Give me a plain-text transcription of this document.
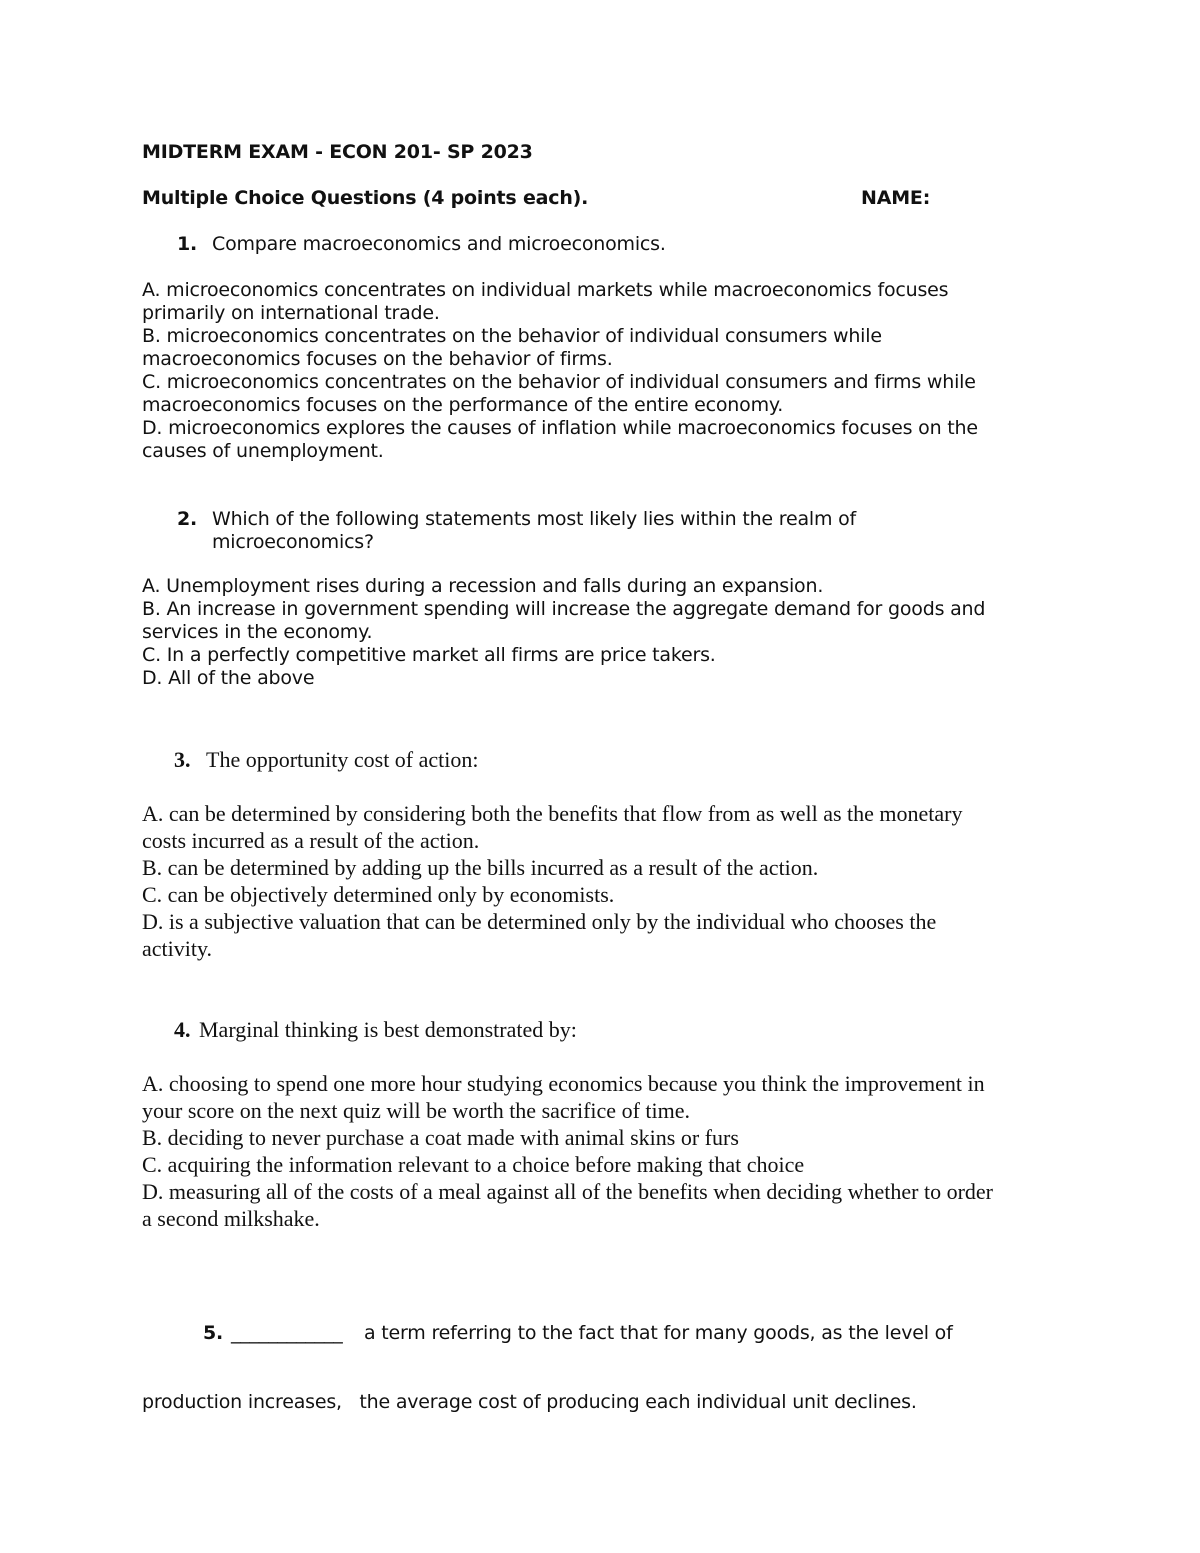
MIDTERM EXAM - ECON 201- SP 2023
Multiple Choice Questions (4 points each).	NAME:
1. Compare macroeconomics and microeconomics.
A. microeconomics concentrates on individual markets while macroeconomics focuses
primarily on international trade.
B. microeconomics concentrates on the behavior of individual consumers while
macroeconomics focuses on the behavior of firms.
C. microeconomics concentrates on the behavior of individual consumers and firms while
macroeconomics focuses on the performance of the entire economy.
D. microeconomics explores the causes of inflation while macroeconomics focuses on the
causes of unemployment.
2. Which of the following statements most likely lies within the realm of
microeconomics?
A. Unemployment rises during a recession and falls during an expansion.
B. An increase in government spending will increase the aggregate demand for goods and
services in the economy.
C. In a perfectly competitive market all firms are price takers.
D. All of the above
3. The opportunity cost of action:
A. can be determined by considering both the benefits that flow from as well as the monetary
costs incurred as a result of the action.
B. can be determined by adding up the bills incurred as a result of the action.
C. can be objectively determined only by economists.
D. is a subjective valuation that can be determined only by the individual who chooses the
activity.
4. Marginal thinking is best demonstrated by:
A. choosing to spend one more hour studying economics because you think the improvement in
your score on the next quiz will be worth the sacrifice of time.
B. deciding to never purchase a coat made with animal skins or furs
C. acquiring the information relevant to a choice before making that choice
D. measuring all of the costs of a meal against all of the benefits when deciding whether to order
a second milkshake.
5. ____________ a term referring to the fact that for many goods, as the level of

production increases,   the average cost of producing each individual unit declines.
